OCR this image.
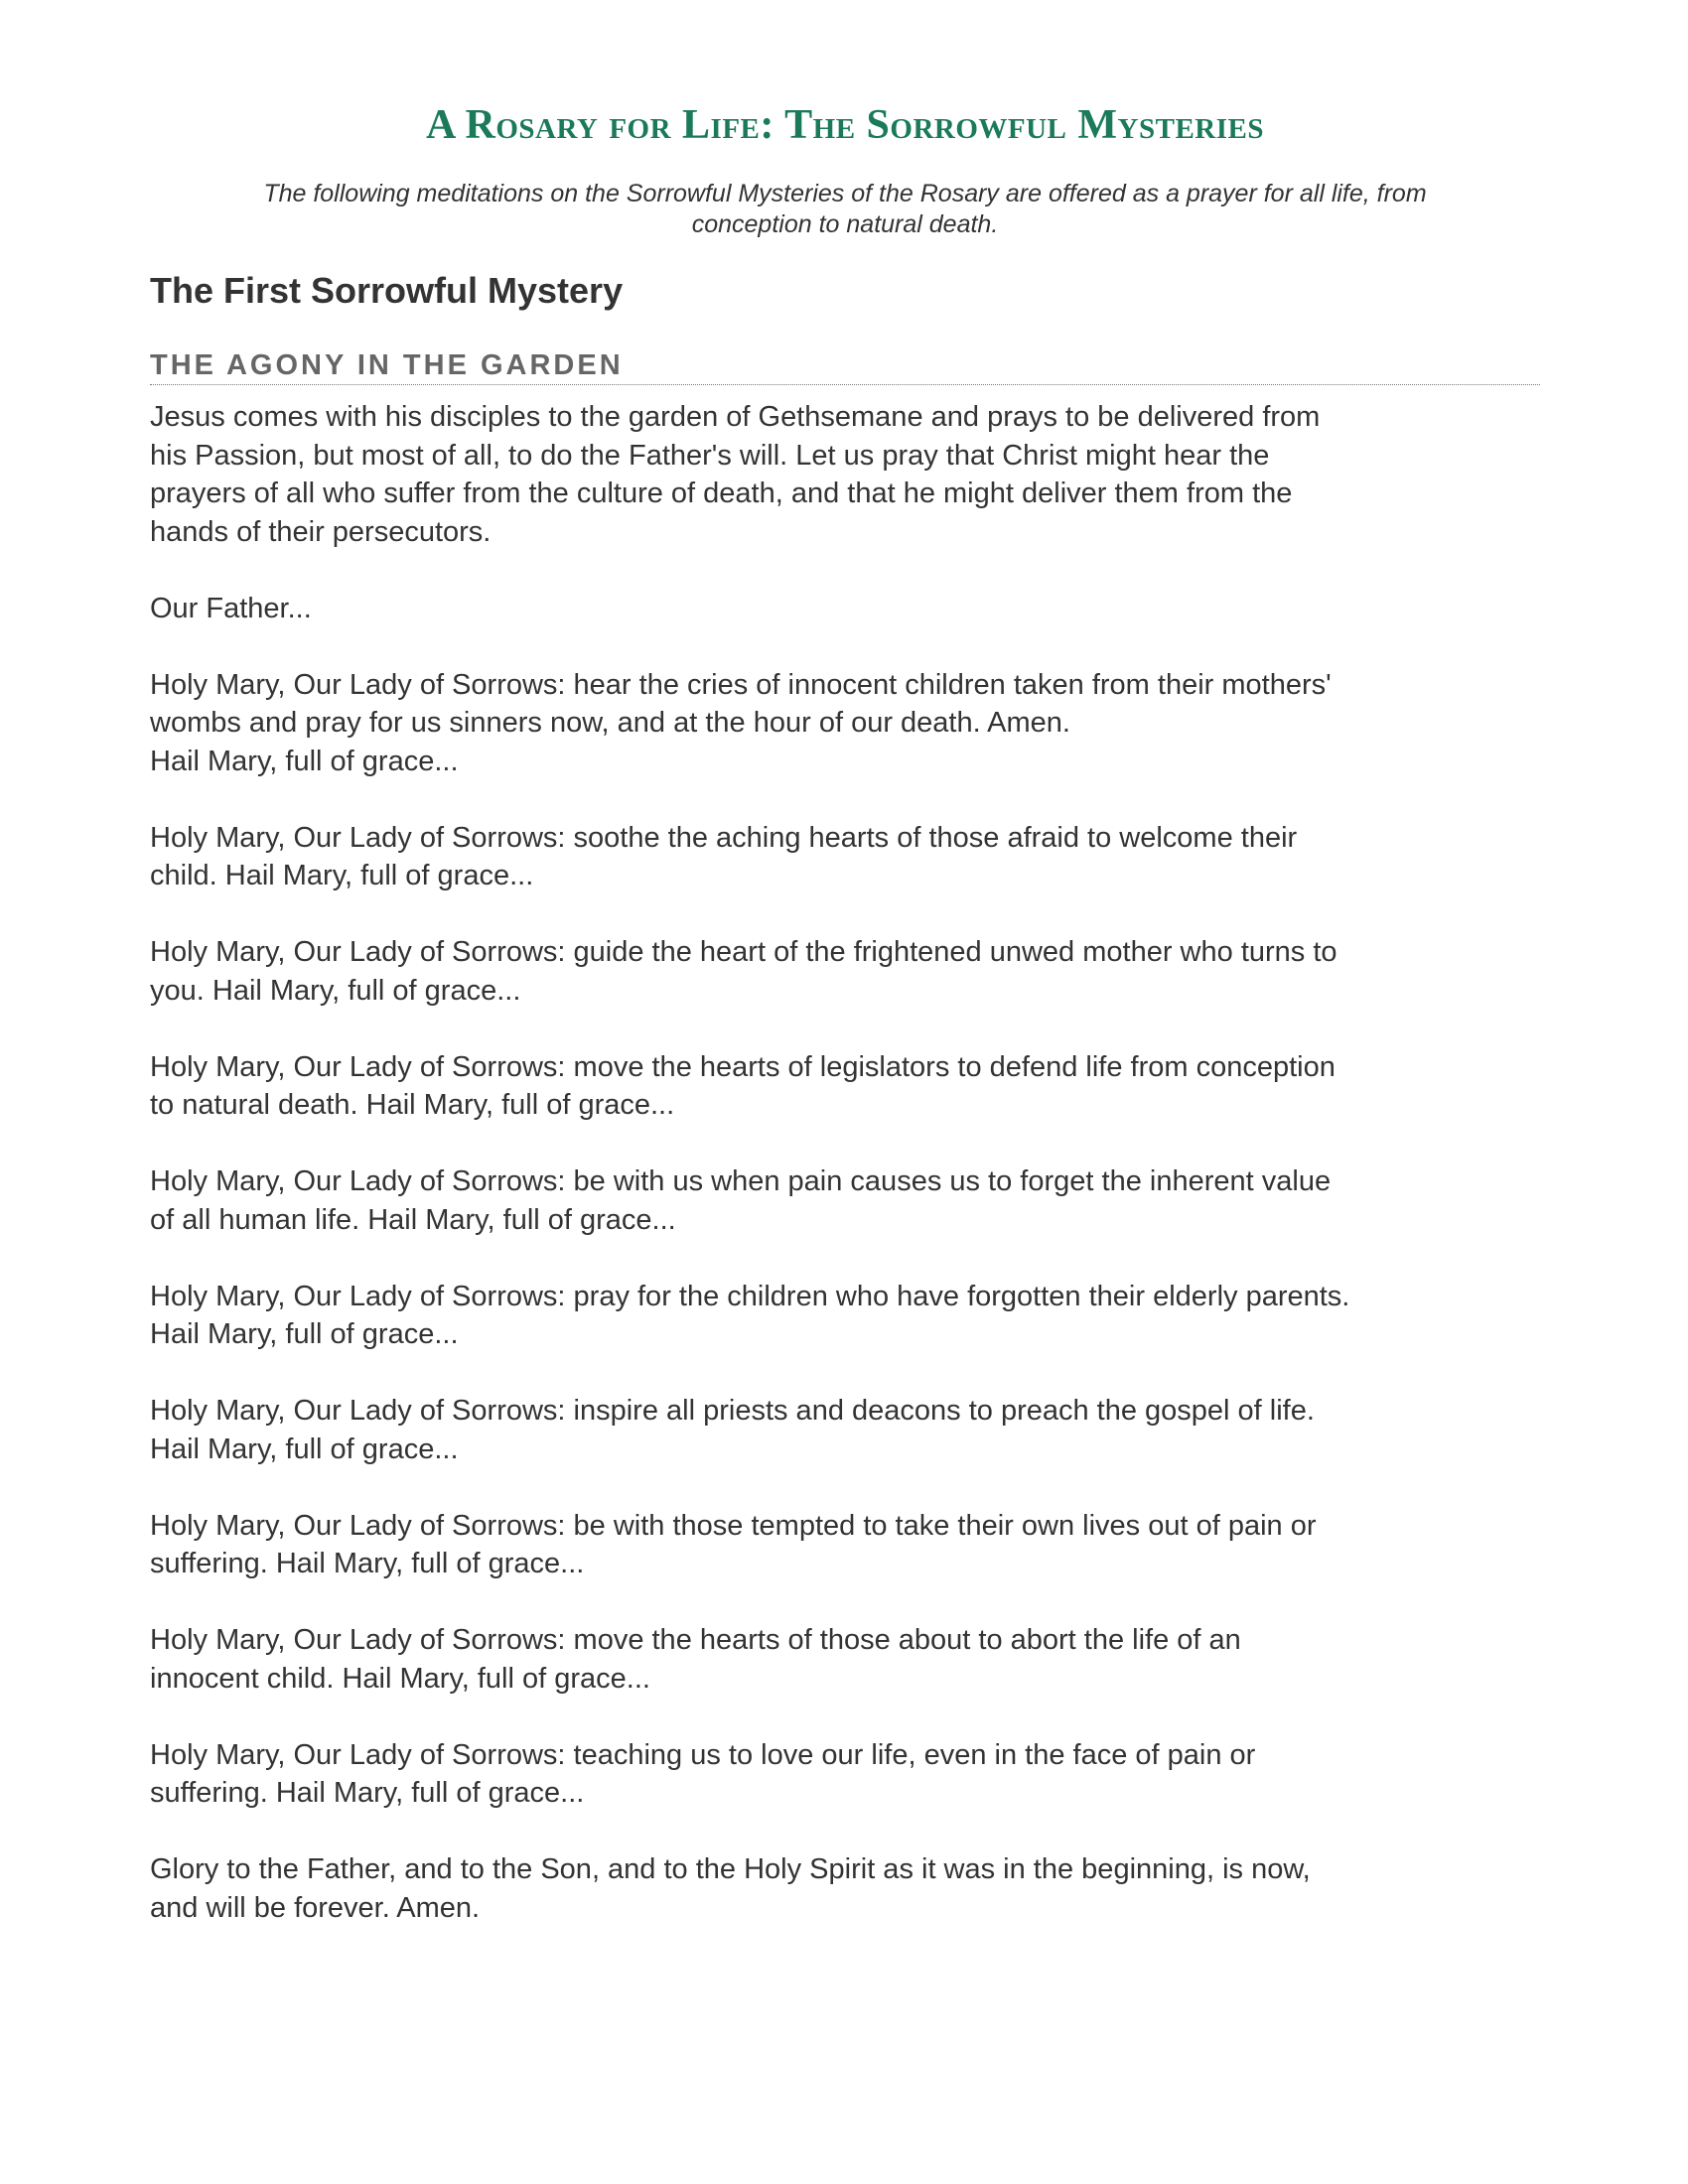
A Rosary for Life: The Sorrowful Mysteries

The following meditations on the Sorrowful Mysteries of the Rosary are offered as a prayer for all life, from
conception to natural death.

The First Sorrowful Mystery
THE AGONY IN THE GARDEN

Jesus comes with his disciples to the garden of Gethsemane and prays to be delivered from
his Passion, but most of all, to do the Father's will. Let us pray that Christ might hear the
prayers of all who suffer from the culture of death, and that he might deliver them from the
hands of their persecutors.

Our Father...

Holy Mary, Our Lady of Sorrows: hear the cries of innocent children taken from their mothers'
wombs and pray for us sinners now, and at the hour of our death. Amen.
Hail Mary, full of grace...

Holy Mary, Our Lady of Sorrows: soothe the aching hearts of those afraid to welcome their
child. Hail Mary, full of grace...

Holy Mary, Our Lady of Sorrows: guide the heart of the frightened unwed mother who turns to
you. Hail Mary, full of grace...

Holy Mary, Our Lady of Sorrows: move the hearts of legislators to defend life from conception
to natural death. Hail Mary, full of grace...

Holy Mary, Our Lady of Sorrows: be with us when pain causes us to forget the inherent value
of all human life. Hail Mary, full of grace...

Holy Mary, Our Lady of Sorrows: pray for the children who have forgotten their elderly parents.
Hail Mary, full of grace...

Holy Mary, Our Lady of Sorrows: inspire all priests and deacons to preach the gospel of life.
Hail Mary, full of grace...

Holy Mary, Our Lady of Sorrows: be with those tempted to take their own lives out of pain or
suffering. Hail Mary, full of grace...

Holy Mary, Our Lady of Sorrows: move the hearts of those about to abort the life of an
innocent child. Hail Mary, full of grace...

Holy Mary, Our Lady of Sorrows: teaching us to love our life, even in the face of pain or
suffering. Hail Mary, full of grace...

Glory to the Father, and to the Son, and to the Holy Spirit as it was in the beginning, is now,
and will be forever. Amen.
